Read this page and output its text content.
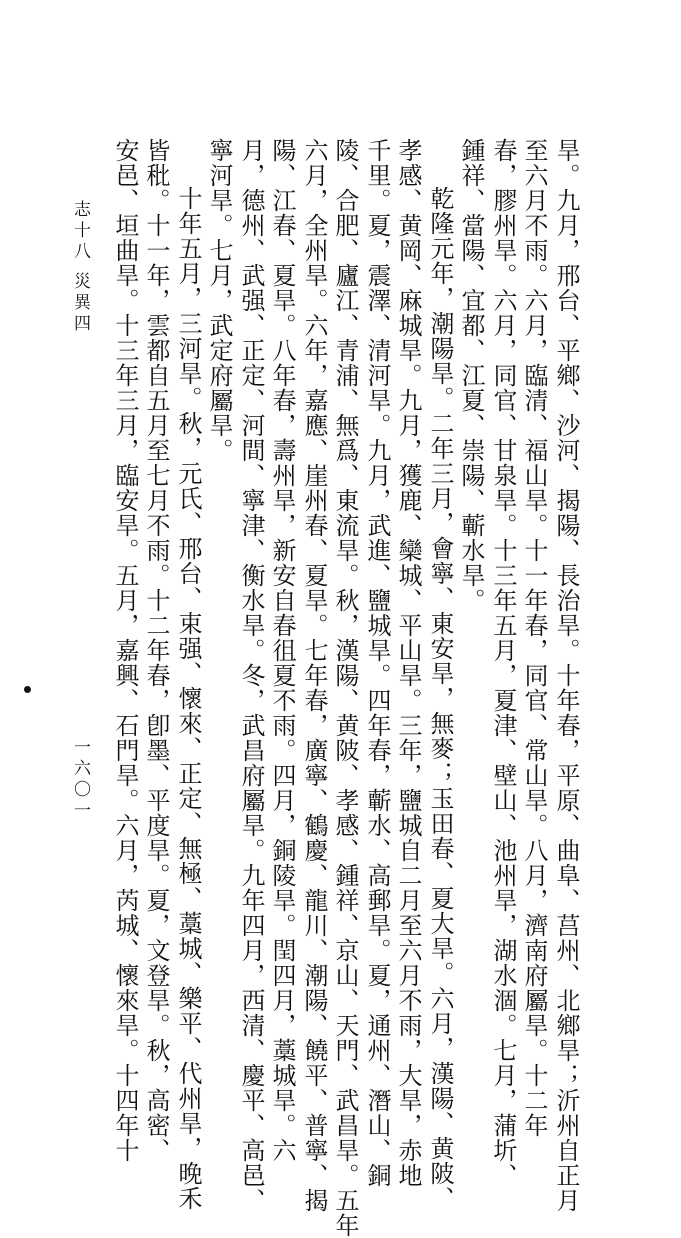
旱。九月，邢台、平鄉、沙河、揭陽、長治旱。十年春，平原、曲阜、莒州、北鄉旱；沂州自正月
至六月不雨。六月，臨清、福山旱。十一年春，同官、常山旱。八月，濟南府屬旱。十二年
春，膠州旱。六月，同官、甘泉旱。十三年五月，夏津、壁山、池州旱，湖水涸。七月，蒲圻、
鍾祥、當陽、宜都、江夏、崇陽、蘄水旱。
乾隆元年，潮陽旱。二年三月，會寧、東安旱，無麥；玉田春、夏大旱。六月，漢陽、黄陂、
孝感、黄岡、麻城旱。九月，獲鹿、欒城、平山旱。三年，鹽城自二月至六月不雨，大旱，赤地
千里。夏，震澤、清河旱。九月，武進、鹽城旱。四年春，蘄水、高郵旱。夏，通州、潛山、銅
陵、合肥、廬江、青浦、無爲、東流旱。秋，漢陽、黄陂、孝感、鍾祥、京山、天門、武昌旱。五年
六月，全州旱。六年，嘉應、崖州春、夏旱。七年春，廣寧、鶴慶、龍川、潮陽、饒平、普寧、揭
陽、江春、夏旱。八年春，壽州旱，新安自春徂夏不雨。四月，銅陵旱。閏四月，藁城旱。六
月，德州、武强、正定、河間、寧津、衡水旱。冬，武昌府屬旱。九年四月，西清、慶平、高邑、
寧河旱。七月，武定府屬旱。
十年五月，三河旱。秋，元氏、邢台、束强、懷來、正定、無極、藁城、樂平、代州旱，晚禾
皆秕。十一年，雲都自五月至七月不雨。十二年春，卽墨、平度旱。夏，文登旱。秋，高密、
安邑、垣曲旱。十三年三月，臨安旱。五月，嘉興、石門旱。六月，芮城、懷來旱。十四年十
志十八
災異四
一六〇一
